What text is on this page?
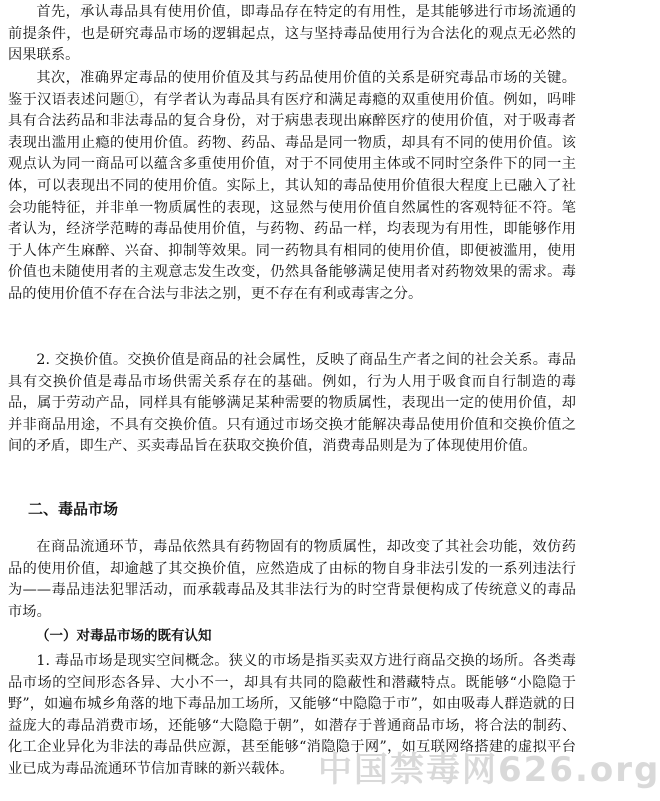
首先，承认毒品具有使用价值，即毒品存在特定的有用性，是其能够进行市场流通的前提条件，也是研究毒品市场的逻辑起点，这与坚持毒品使用行为合法化的观点无必然的因果联系。

其次，准确界定毒品的使用价值及其与药品使用价值的关系是研究毒品市场的关键。鉴于汉语表述问题①，有学者认为毒品具有医疗和满足毒瘾的双重使用价值。例如，吗啡具有合法药品和非法毒品的复合身份，对于病患表现出麻醉医疗的使用价值，对于吸毒者表现出滥用止瘾的使用价值。药物、药品、毒品是同一物质，却具有不同的使用价值。该观点认为同一商品可以蕴含多重使用价值，对于不同使用主体或不同时空条件下的同一主体，可以表现出不同的使用价值。实际上，其认知的毒品使用价值很大程度上已融入了社会功能特征，并非单一物质属性的表现，这显然与使用价值自然属性的客观特征不符。笔者认为，经济学范畴的毒品使用价值，与药物、药品一样，均表现为有用性，即能够作用于人体产生麻醉、兴奋、抑制等效果。同一药物具有相同的使用价值，即便被滥用，使用价值也未随使用者的主观意志发生改变，仍然具备能够满足使用者对药物效果的需求。毒品的使用价值不存在合法与非法之别，更不存在有利或毒害之分。

2. 交换价值。交换价值是商品的社会属性，反映了商品生产者之间的社会关系。毒品具有交换价值是毒品市场供需关系存在的基础。例如，行为人用于吸食而自行制造的毒品，属于劳动产品，同样具有能够满足某种需要的物质属性，表现出一定的使用价值，却并非商品用途，不具有交换价值。只有通过市场交换才能解决毒品使用价值和交换价值之间的矛盾，即生产、买卖毒品旨在获取交换价值，消费毒品则是为了体现使用价值。

二、毒品市场

在商品流通环节，毒品依然具有药物固有的物质属性，却改变了其社会功能，效仿药品的使用价值，却逾越了其交换价值，应然造成了由标的物自身非法引发的一系列违法行为——毒品违法犯罪活动，而承载毒品及其非法行为的时空背景便构成了传统意义的毒品市场。

（一）对毒品市场的既有认知

1. 毒品市场是现实空间概念。狭义的市场是指买卖双方进行商品交换的场所。各类毒品市场的空间形态各异、大小不一，却具有共同的隐蔽性和潜藏特点。既能够“小隐隐于野”，如遍布城乡角落的地下毒品加工场所，又能够“中隐隐于市”，如由吸毒人群造就的日益庞大的毒品消费市场，还能够“大隐隐于朝”，如潜存于普通商品市场，将合法的制药、化工企业异化为非法的毒品供应源，甚至能够“消隐隐于网”，如互联网络搭建的虚拟平台业已成为毒品流通环节信加青睐的新兴载体。 中国禁毒网626.org
